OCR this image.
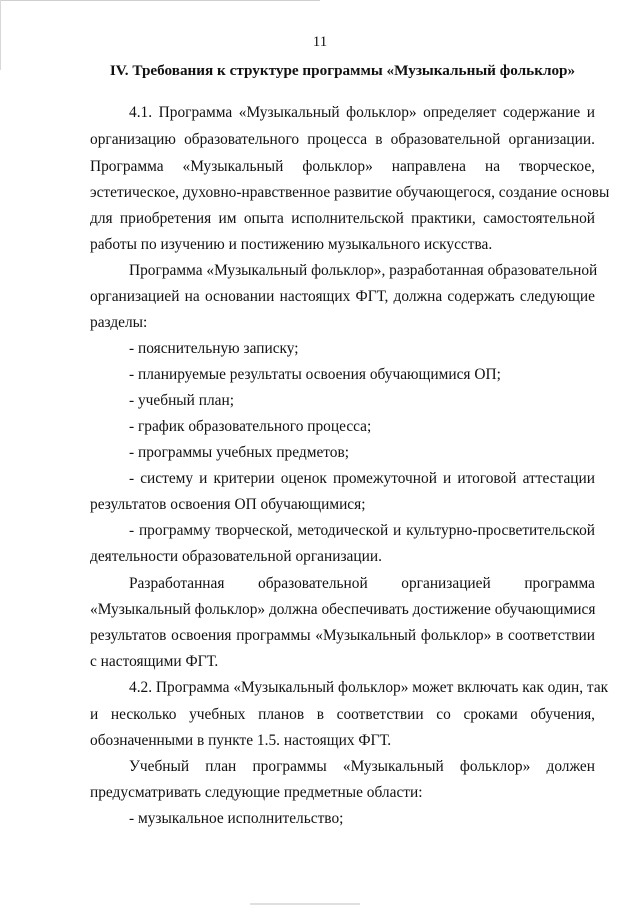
11
IV. Требования к структуре программы «Музыкальный фольклор»
4.1. Программа «Музыкальный фольклор» определяет содержание и
организацию образовательного процесса в образовательной организации.
Программа «Музыкальный фольклор» направлена на творческое,
эстетическое, духовно-нравственное развитие обучающегося, создание основы
для приобретения им опыта исполнительской практики, самостоятельной
работы по изучению и постижению музыкального искусства.
Программа «Музыкальный фольклор», разработанная образовательной
организацией на основании настоящих ФГТ, должна содержать следующие
разделы:
- пояснительную записку;
- планируемые результаты освоения обучающимися ОП;
- учебный план;
- график образовательного процесса;
- программы учебных предметов;
- систему и критерии оценок промежуточной и итоговой аттестации
результатов освоения ОП обучающимися;
- программу творческой, методической и культурно-просветительской
деятельности образовательной организации.
Разработанная образовательной организацией программа
«Музыкальный фольклор» должна обеспечивать достижение обучающимися
результатов освоения программы «Музыкальный фольклор» в соответствии
с настоящими ФГТ.
4.2. Программа «Музыкальный фольклор» может включать как один, так
и несколько учебных планов в соответствии со сроками обучения,
обозначенными в пункте 1.5. настоящих ФГТ.
Учебный план программы «Музыкальный фольклор» должен
предусматривать следующие предметные области:
- музыкальное исполнительство;
